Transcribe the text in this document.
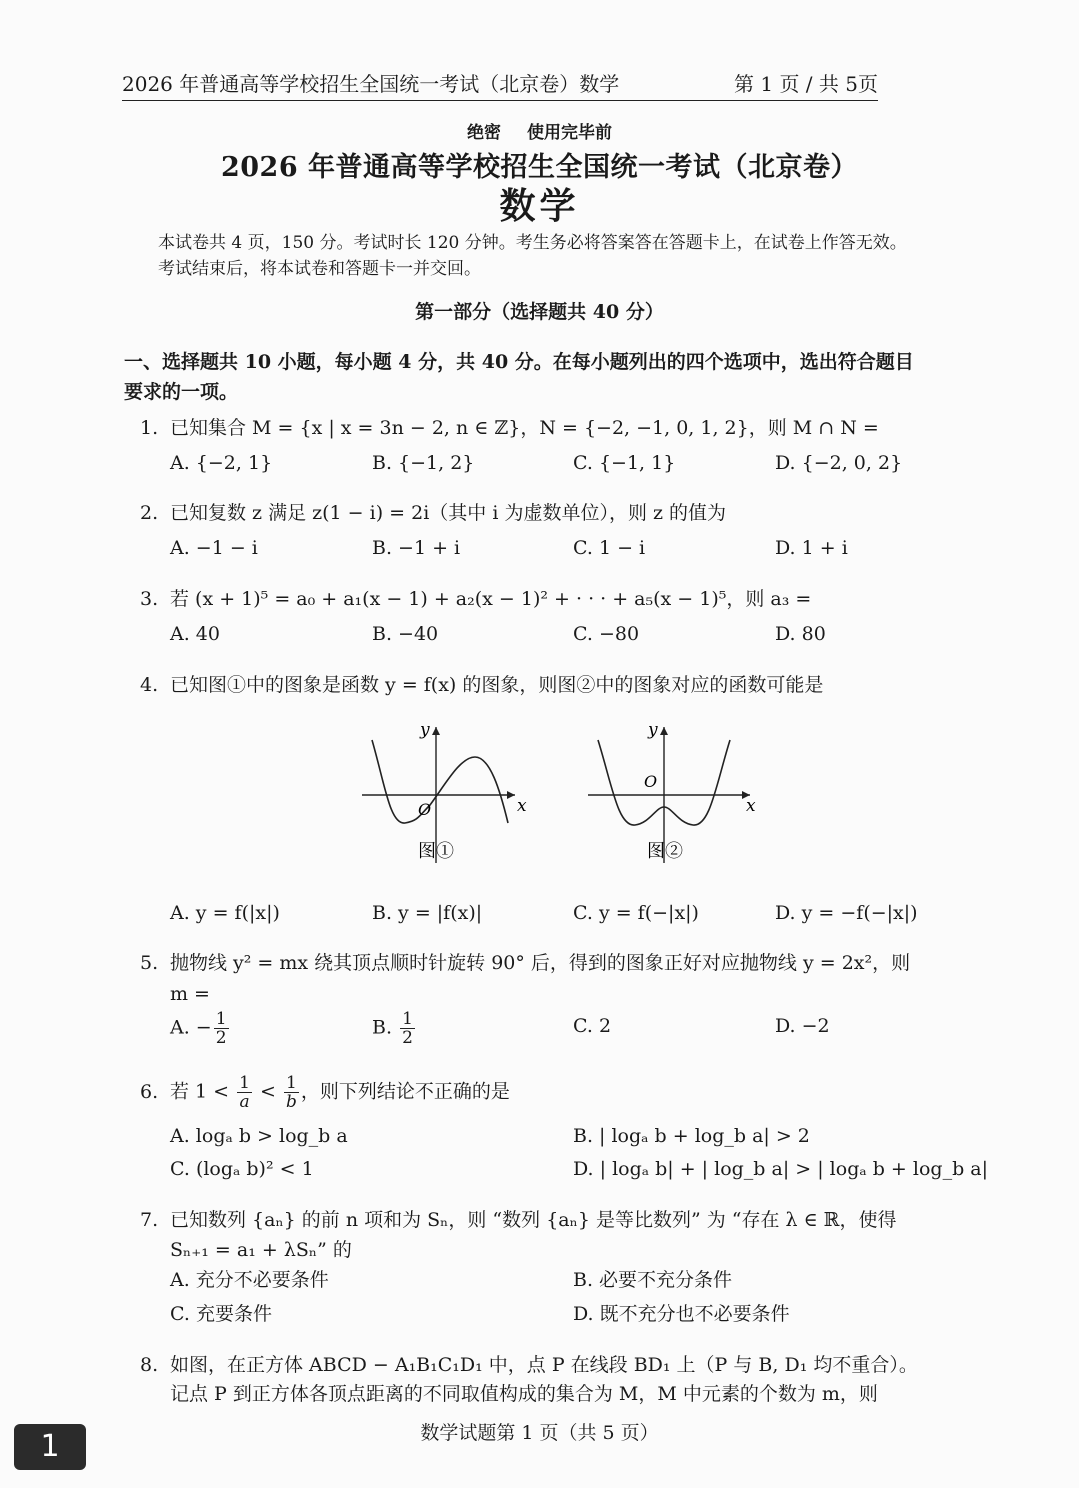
2026 年普通高等学校招生全国统一考试（北京卷）数学	第 1 页 / 共 5页
绝密 使用完毕前
2026 年普通高等学校招生全国统一考试（北京卷）
数学
本试卷共 4 页，150 分。考试时长 120 分钟。考生务必将答案答在答题卡上，在试卷上作答无效。
考试结束后，将本试卷和答题卡一并交回。
第一部分（选择题共 40 分）
一、选择题共 10 小题，每小题 4 分，共 40 分。在每小题列出的四个选项中，选出符合题目
要求的一项。
1. 已知集合 M = {x | x = 3n − 2, n ∈ ℤ}，N = {−2, −1, 0, 1, 2}，则 M ∩ N =
A. {−2, 1}	B. {−1, 2}	C. {−1, 1}	D. {−2, 0, 2}
2. 已知复数 z 满足 z(1 − i) = 2i（其中 i 为虚数单位），则 z 的值为
A. −1 − i	B. −1 + i	C. 1 − i	D. 1 + i
3. 若 (x + 1)⁵ = a₀ + a₁(x − 1) + a₂(x − 1)² + · · · + a₅(x − 1)⁵，则 a₃ =
A. 40	B. −40	C. −80	D. 80
4. 已知图①中的图象是函数 y = f(x) 的图象，则图②中的图象对应的函数可能是
y
x
O
图①
y
x
O
图②
A. y = f(|x|)	B. y = |f(x)|	C. y = f(−|x|)	D. y = −f(−|x|)
5. 抛物线 y² = mx 绕其顶点顺时针旋转 90° 后，得到的图象正好对应抛物线 y = 2x²，则
m =
A. − $\frac{1}{2}$	B. $\frac{1}{2}$	C. 2	D. −2
6. 若 $1 < \frac{1}{a} < \frac{1}{b}$ ，则下列结论不正确的是
A. logₐ b > log_b a	B. | logₐ b + log_b a| > 2
C. (logₐ b)² < 1	D. | logₐ b| + | log_b a| > | logₐ b + log_b a|
7. 已知数列 {aₙ} 的前 n 项和为 Sₙ，则 “数列 {aₙ} 是等比数列” 为 “存在 λ ∈ ℝ，使得
Sₙ₊₁ = a₁ + λSₙ” 的
A. 充分不必要条件	B. 必要不充分条件
C. 充要条件	D. 既不充分也不必要条件
8. 如图，在正方体 ABCD − A₁B₁C₁D₁ 中，点 P 在线段 BD₁ 上（P 与 B, D₁ 均不重合）。
记点 P 到正方体各顶点距离的不同取值构成的集合为 M，M 中元素的个数为 m，则
数学试题第 1 页（共 5 页）
1
